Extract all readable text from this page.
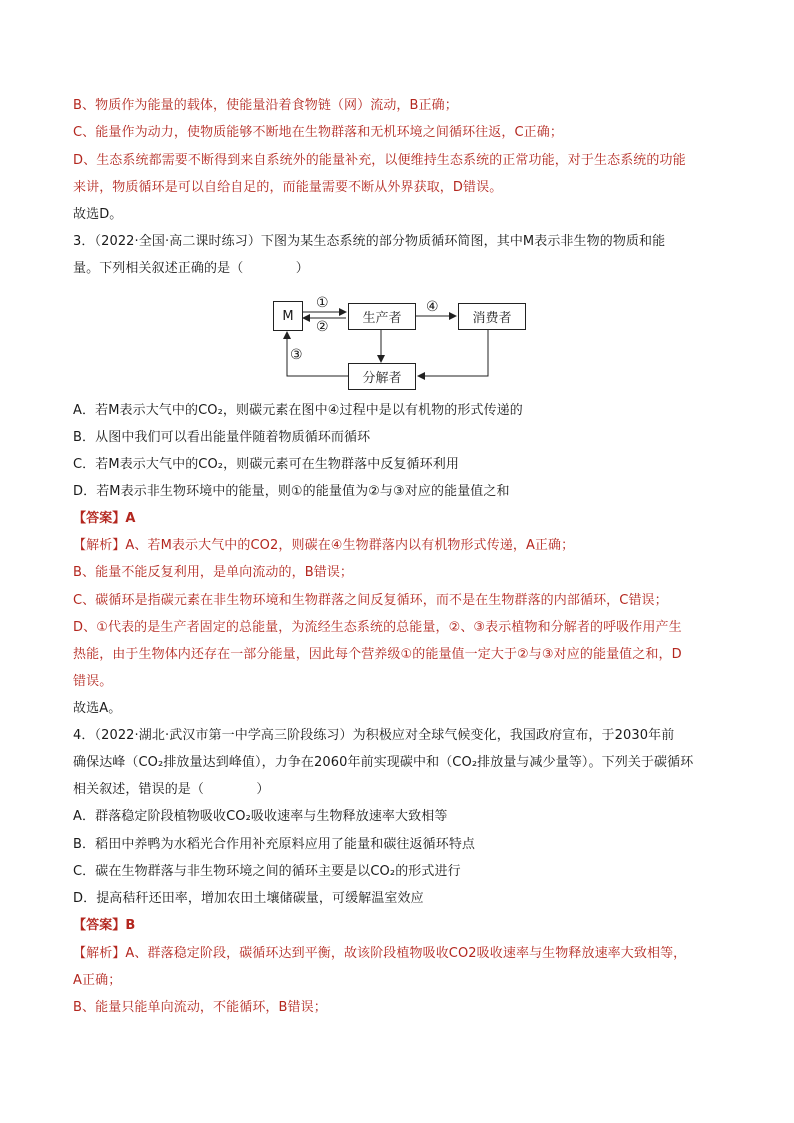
B、物质作为能量的载体，使能量沿着食物链（网）流动，B正确；
C、能量作为动力，使物质能够不断地在生物群落和无机环境之间循环往返，C正确；
D、生态系统都需要不断得到来自系统外的能量补充，以便维持生态系统的正常功能，对于生态系统的功能
来讲，物质循环是可以自给自足的，而能量需要不断从外界获取，D错误。
故选D。
3．（2022·全国·高二课时练习）下图为某生态系统的部分物质循环简图，其中M表示非生物的物质和能
量。下列相关叙述正确的是（　　　　）
A．若M表示大气中的CO₂，则碳元素在图中④过程中是以有机物的形式传递的
B．从图中我们可以看出能量伴随着物质循环而循环
C．若M表示大气中的CO₂，则碳元素可在生物群落中反复循环利用
D．若M表示非生物环境中的能量，则①的能量值为②与③对应的能量值之和
【答案】A
【解析】A、若M表示大气中的CO2，则碳在④生物群落内以有机物形式传递，A正确；
B、能量不能反复利用，是单向流动的，B错误；
C、碳循环是指碳元素在非生物环境和生物群落之间反复循环，而不是在生物群落的内部循环，C错误；
D、①代表的是生产者固定的总能量，为流经生态系统的总能量，②、③表示植物和分解者的呼吸作用产生
热能，由于生物体内还存在一部分能量，因此每个营养级①的能量值一定大于②与③对应的能量值之和，D
错误。
故选A。
4．（2022·湖北·武汉市第一中学高三阶段练习）为积极应对全球气候变化，我国政府宣布，于2030年前
确保达峰（CO₂排放量达到峰值），力争在2060年前实现碳中和（CO₂排放量与减少量等）。下列关于碳循环
相关叙述，错误的是（　　　　）
A．群落稳定阶段植物吸收CO₂吸收速率与生物释放速率大致相等
B．稻田中养鸭为水稻光合作用补充原料应用了能量和碳往返循环特点
C．碳在生物群落与非生物环境之间的循环主要是以CO₂的形式进行
D．提高秸秆还田率，增加农田土壤储碳量，可缓解温室效应
【答案】B
【解析】A、群落稳定阶段，碳循环达到平衡，故该阶段植物吸收CO2吸收速率与生物释放速率大致相等，
A正确；
B、能量只能单向流动，不能循环，B错误；
M	生产者	消费者
分解者
①
②
④
③
